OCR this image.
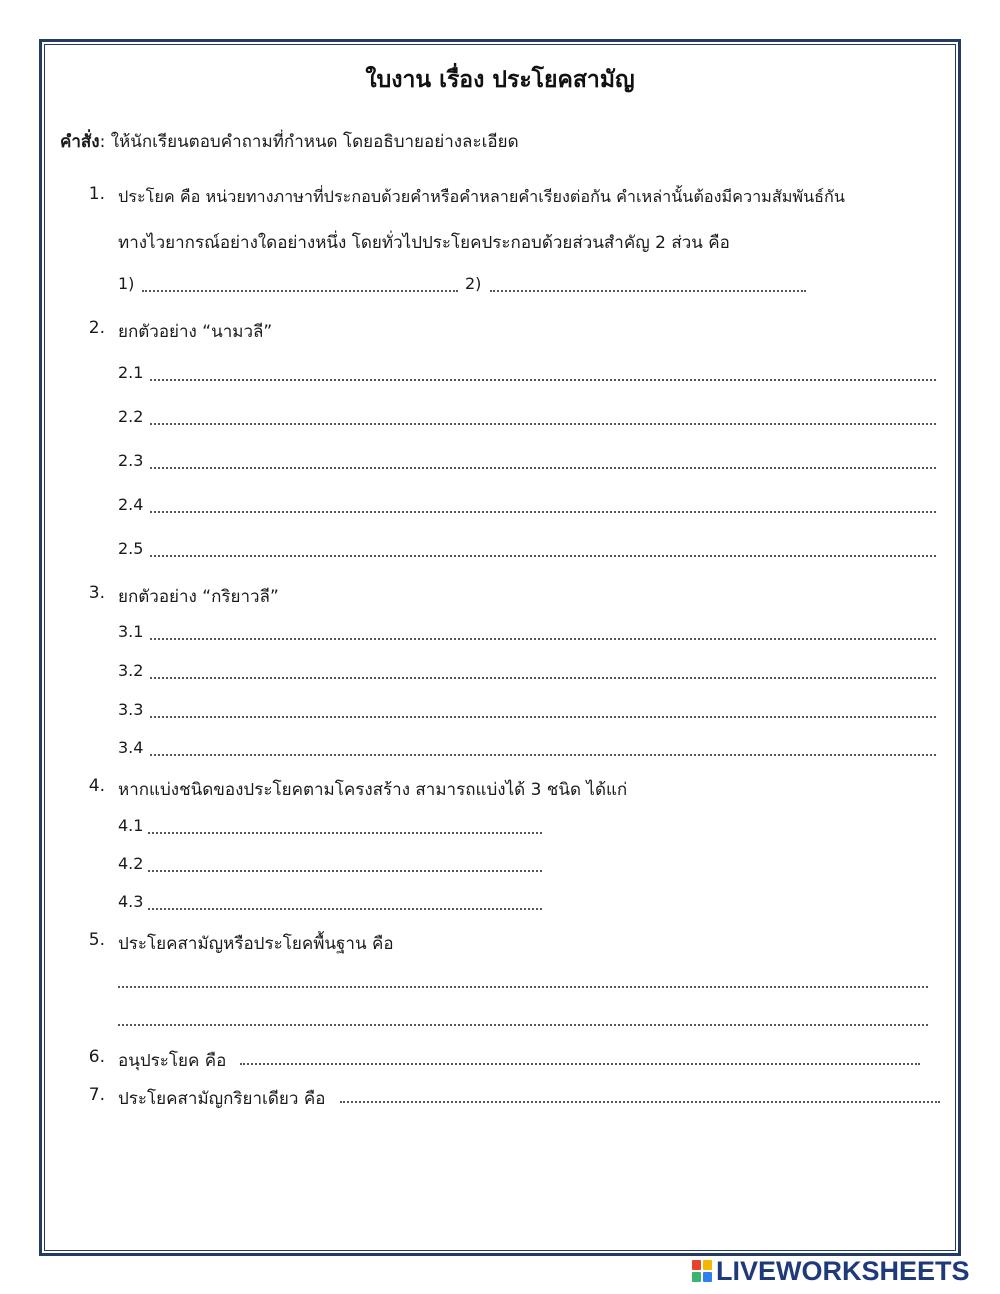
ใบงาน เรื่อง ประโยคสามัญ
คำสั่ง: ให้นักเรียนตอบคำถามที่กำหนด โดยอธิบายอย่างละเอียด
1. ประโยค คือ หน่วยทางภาษาที่ประกอบด้วยคำหรือคำหลายคำเรียงต่อกัน คำเหล่านั้นต้องมีความสัมพันธ์กัน
ทางไวยากรณ์อย่างใดอย่างหนึ่ง โดยทั่วไปประโยคประกอบด้วยส่วนสำคัญ 2 ส่วน คือ
1)	2)
2. ยกตัวอย่าง “นามวลี”
2.1
2.2
2.3
2.4
2.5
3. ยกตัวอย่าง “กริยาวลี”
3.1
3.2
3.3
3.4
4. หากแบ่งชนิดของประโยคตามโครงสร้าง สามารถแบ่งได้ 3 ชนิด ได้แก่
4.1
4.2
4.3
5. ประโยคสามัญหรือประโยคพื้นฐาน คือ
6. อนุประโยค คือ
7. ประโยคสามัญกริยาเดียว คือ
LIVEWORKSHEETS
